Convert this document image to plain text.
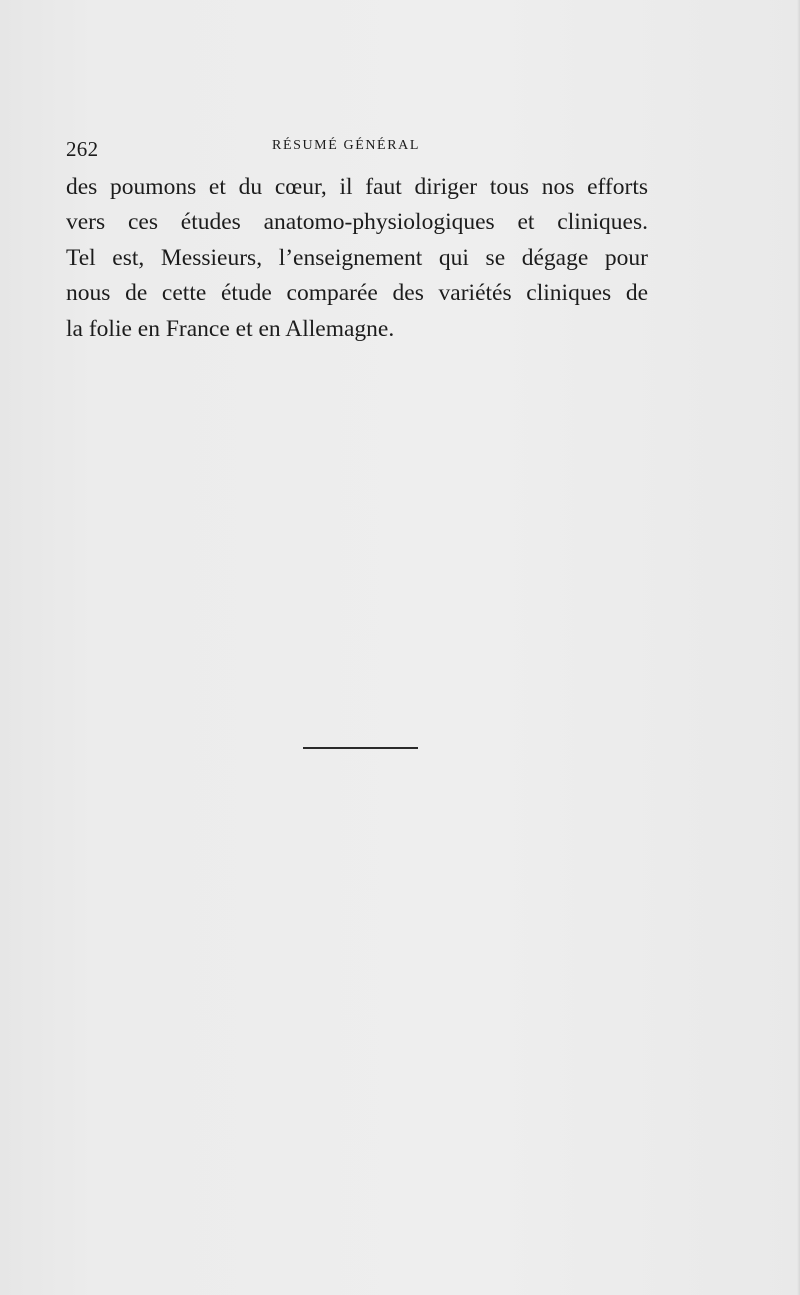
262	RÉSUMÉ GÉNÉRAL
des poumons et du cœur, il faut diriger tous nos efforts
vers ces études anatomo-physiologiques et cliniques.
Tel est, Messieurs, l’enseignement qui se dégage pour
nous de cette étude comparée des variétés cliniques de
la folie en France et en Allemagne.
